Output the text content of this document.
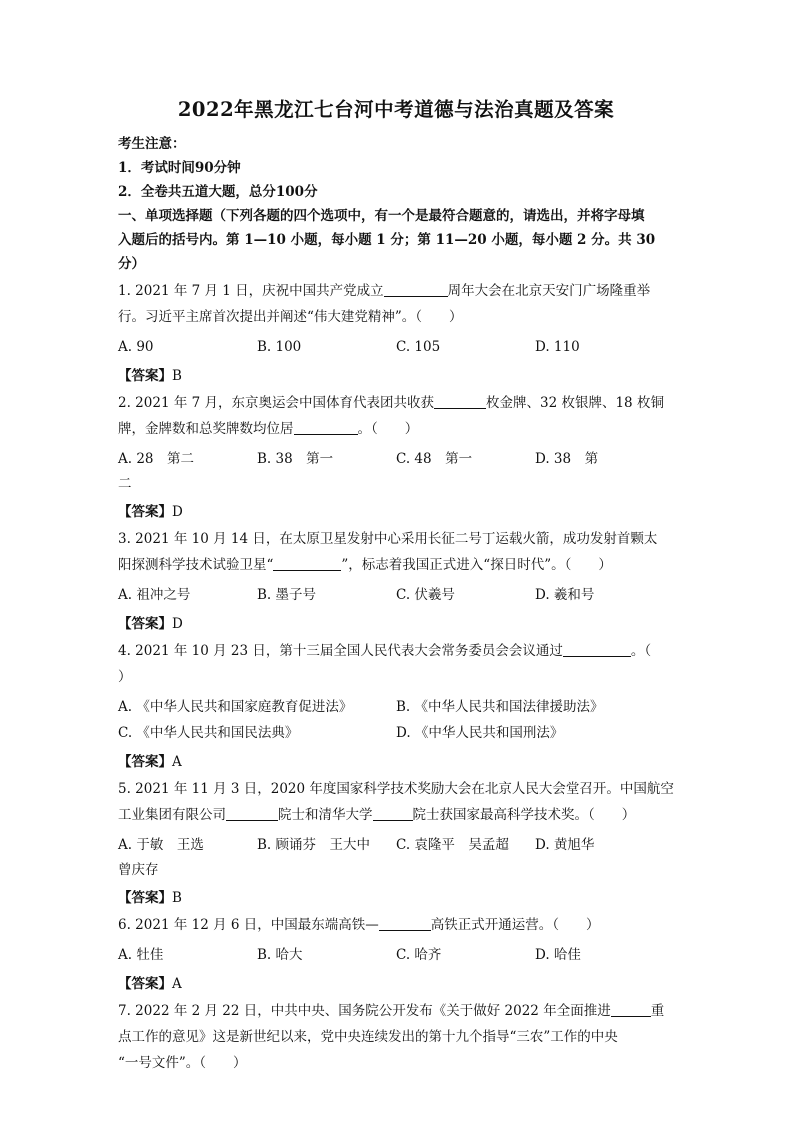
2022年黑龙江七台河中考道德与法治真题及答案
考生注意：
1．考试时间90分钟
2．全卷共五道大题，总分100分
一、单项选择题（下列各题的四个选项中，有一个是最符合题意的，请选出，并将字母填
入题后的括号内。第 1—10 小题，每小题 1 分；第 11—20 小题，每小题 2 分。共 30 分）
1. 2021 年 7 月 1 日，庆祝中国共产党成立	周年大会在北京天安门广场隆重举
行。习近平主席首次提出并阐述“伟大建党精神”。（　　）
A. 90	B. 100	C. 105	D. 110
【答案】B
2. 2021 年 7 月，东京奥运会中国体育代表团共收获	枚金牌、32 枚银牌、18 枚铜
牌，金牌数和总奖牌数均位居	。（　　）
A. 28　第二	B. 38　第一	C. 48　第一	D. 38　第
二
【答案】D
3. 2021 年 10 月 14 日，在太原卫星发射中心采用长征二号丁运载火箭，成功发射首颗太
阳探测科学技术试验卫星“	”，标志着我国正式进入“探日时代”。（　　）
A. 祖冲之号	B. 墨子号	C. 伏羲号	D. 羲和号
【答案】D
4. 2021 年 10 月 23 日，第十三届全国人民代表大会常务委员会会议通过	。（
）
A. 《中华人民共和国家庭教育促进法》	B. 《中华人民共和国法律援助法》
C. 《中华人民共和国民法典》	D. 《中华人民共和国刑法》
【答案】A
5. 2021 年 11 月 3 日，2020 年度国家科学技术奖励大会在北京人民大会堂召开。中国航空
工业集团有限公司	院士和清华大学	院士获国家最高科学技术奖。（　　）
A. 于敏　王选	B. 顾诵芬　王大中	C. 袁隆平　吴孟超	D. 黄旭华
曾庆存
【答案】B
6. 2021 年 12 月 6 日，中国最东端高铁—	高铁正式开通运营。（　　）
A. 牡佳	B. 哈大	C. 哈齐	D. 哈佳
【答案】A
7. 2022 年 2 月 22 日，中共中央、国务院公开发布《关于做好 2022 年全面推进	重
点工作的意见》这是新世纪以来，党中央连续发出的第十九个指导“三农”工作的中央
“一号文件”。（　　）
